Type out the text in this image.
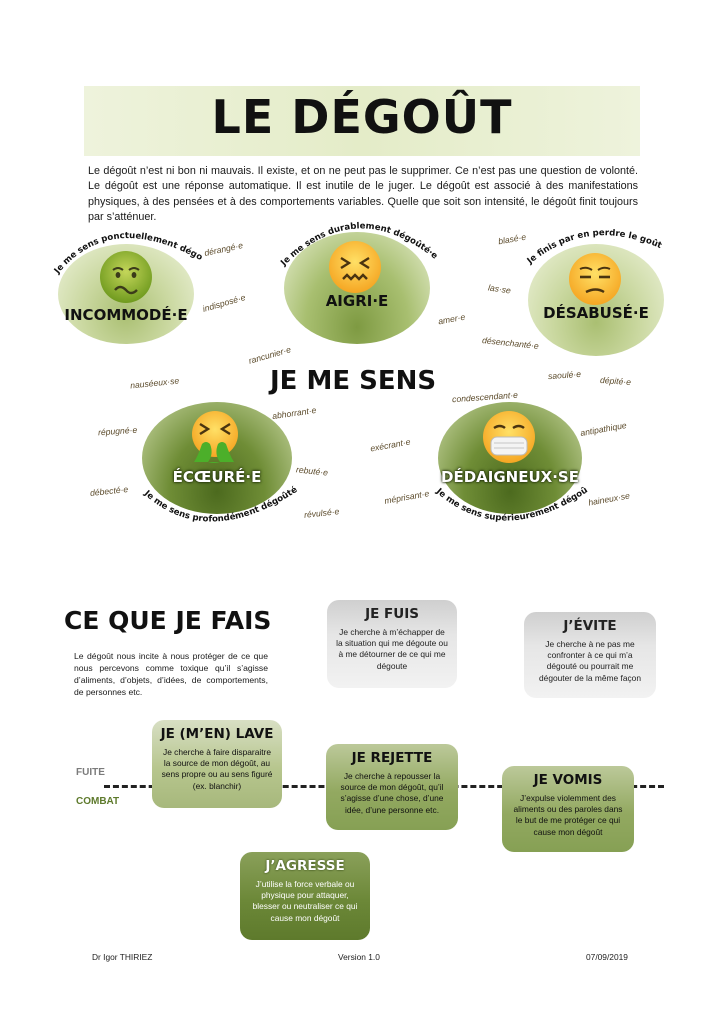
LE DÉGOÛT
Le dégoût n’est ni bon ni mauvais. Il existe, et on ne peut pas le supprimer. Ce n’est pas une question de volonté. Le dégoût est une réponse automatique. Il est inutile de le juger. Le dégoût est associé à des manifestations physiques, à des pensées et à des comportements variables. Quelle que soit son intensité, le dégoût finit toujours par s’atténuer.
INCOMMODÉ·E
Je me sens ponctuellement dégoûté·e
AIGRI·E
Je me sens durablement dégoûté·e
DÉSABUSÉ·E
Je finis par en perdre le goût
ÉCŒURÉ·E
Je me sens profondément dégoûté·e	DÉDAIGNEUX·SE
Je me sens supérieurement dégoûté·e
JE ME SENS
dérangé·e
indisposé·e
blasé·e
las·se
amer·e
désenchanté·e
rancunier·e
nauséeux·se
saoulé·e dépité·e
condescendant·e
abhorrant·e
répugné·e	antipathique
exécrant·e
rebuté·e
débecté·e	méprisant·e	haineux·se
révulsé·e
CE QUE JE FAIS
Le dégoût nous incite à nous protéger de ce que nous percevons comme toxique qu’il s’agisse d’aliments, d’objets, d’idées, de comportements, de personnes etc.
FUITE
COMBAT
JE FUIS
Je cherche à m’échapper de la situation qui me dégoute ou à me détourner de ce qui me dégoute
J’ÉVITE
Je cherche à ne pas me confronter à ce qui m’a dégouté ou pourrait me dégouter de la même façon
JE (M’EN) LAVE
Je cherche à faire disparaitre la source de mon dégoût, au sens propre ou au sens figuré (ex. blanchir)
JE REJETTE
Je cherche à repousser la source de mon dégoût, qu’il s’agisse d’une chose, d’une idée, d’une personne etc.
JE VOMIS
J’expulse violemment des aliments ou des paroles dans le but de me protéger ce qui cause mon dégoût
J’AGRESSE
J’utilise la force verbale ou physique pour attaquer, blesser ou neutraliser ce qui cause mon dégoût
Dr Igor THIRIEZ	Version 1.0	07/09/2019
